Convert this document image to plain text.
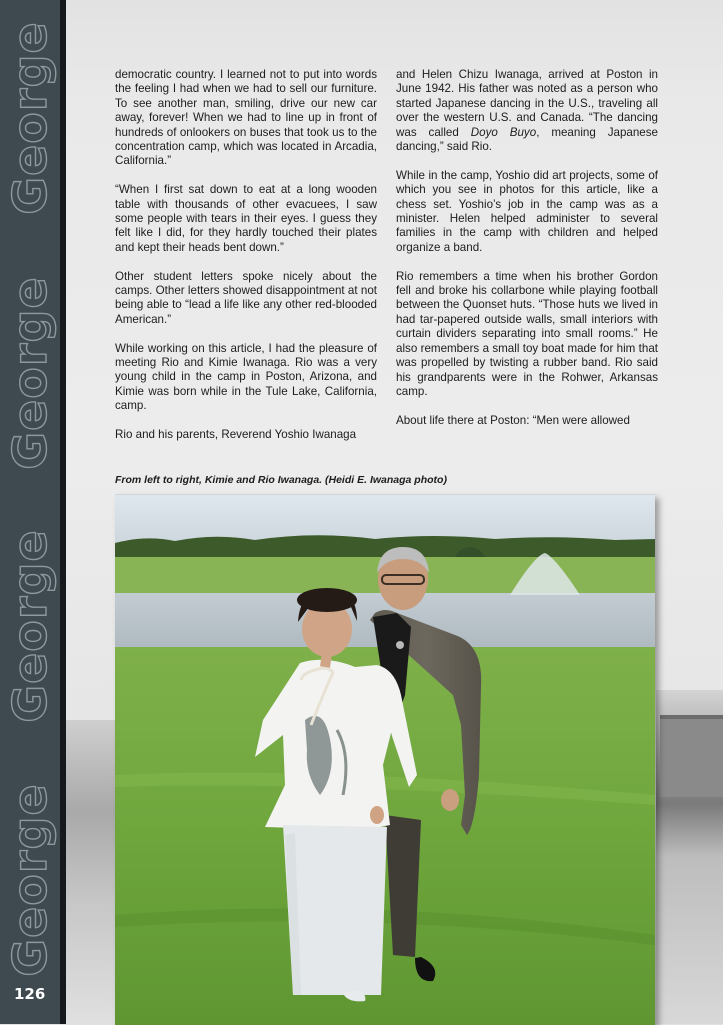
George
George
George
George
126

democratic country. I learned not to put into words the feeling I had when we had to sell our furniture. To see another man, smiling, drive our new car away, forever! When we had to line up in front of hundreds of onlookers on buses that took us to the concentration camp, which was located in Arcadia, California.”

“When I first sat down to eat at a long wooden table with thousands of other evacuees, I saw some people with tears in their eyes. I guess they felt like I did, for they hardly touched their plates and kept their heads bent down.”

Other student letters spoke nicely about the camps. Other letters showed disappointment at not being able to “lead a life like any other red-blooded American.”

While working on this article, I had the pleasure of meeting Rio and Kimie Iwanaga. Rio was a very young child in the camp in Poston, Arizona, and Kimie was born while in the Tule Lake, California, camp.

Rio and his parents, Reverend Yoshio Iwanaga

and Helen Chizu Iwanaga, arrived at Poston in June 1942. His father was noted as a person who started Japanese dancing in the U.S., traveling all over the western U.S. and Canada. “The dancing was called Doyo Buyo, meaning Japanese dancing,” said Rio.

While in the camp, Yoshio did art projects, some of which you see in photos for this article, like a chess set. Yoshio’s job in the camp was as a minister. Helen helped administer to several families in the camp with children and helped organize a band.

Rio remembers a time when his brother Gordon fell and broke his collarbone while playing football between the Quonset huts. “Those huts we lived in had tar-papered outside walls, small interiors with curtain dividers separating into small rooms.” He also remembers a small toy boat made for him that was propelled by twisting a rubber band. Rio said his grandparents were in the Rohwer, Arkansas camp.

About life there at Poston: “Men were allowed

From left to right, Kimie and Rio Iwanaga. (Heidi E. Iwanaga photo)
